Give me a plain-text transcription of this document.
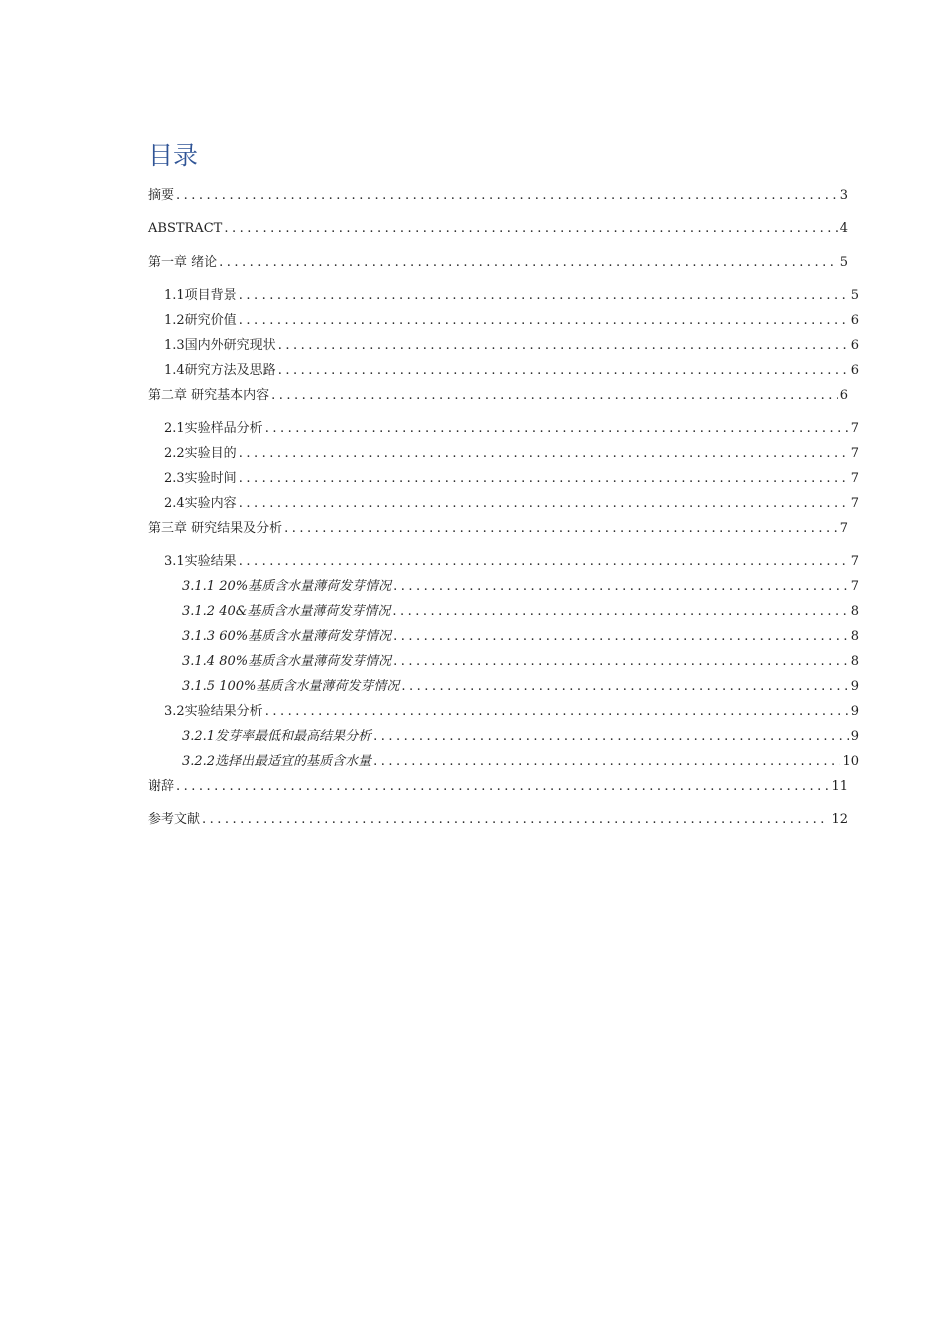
目录
摘要 .....	3
ABSTRACT .....	4
第一章 绪论 .....	5
1.1项目背景 .....	5
1.2研究价值 .....	6
1.3国内外研究现状 .....	6
1.4研究方法及思路 .....	6
第二章 研究基本内容 .....	6
2.1实验样品分析 .....	7
2.2实验目的 .....	7
2.3实验时间 .....	7
2.4实验内容 .....	7
第三章 研究结果及分析 .....	7
3.1实验结果 .....	7
3.1.1 20%基质含水量薄荷发芽情况 .....	7
3.1.2 40&基质含水量薄荷发芽情况 .....	8
3.1.3 60%基质含水量薄荷发芽情况 .....	8
3.1.4 80%基质含水量薄荷发芽情况 .....	8
3.1.5 100%基质含水量薄荷发芽情况 .....	9
3.2实验结果分析 .....	9
3.2.1发芽率最低和最高结果分析 .....	9
3.2.2选择出最适宜的基质含水量 .....	10
谢辞 .....	11
参考文献 .....	12
